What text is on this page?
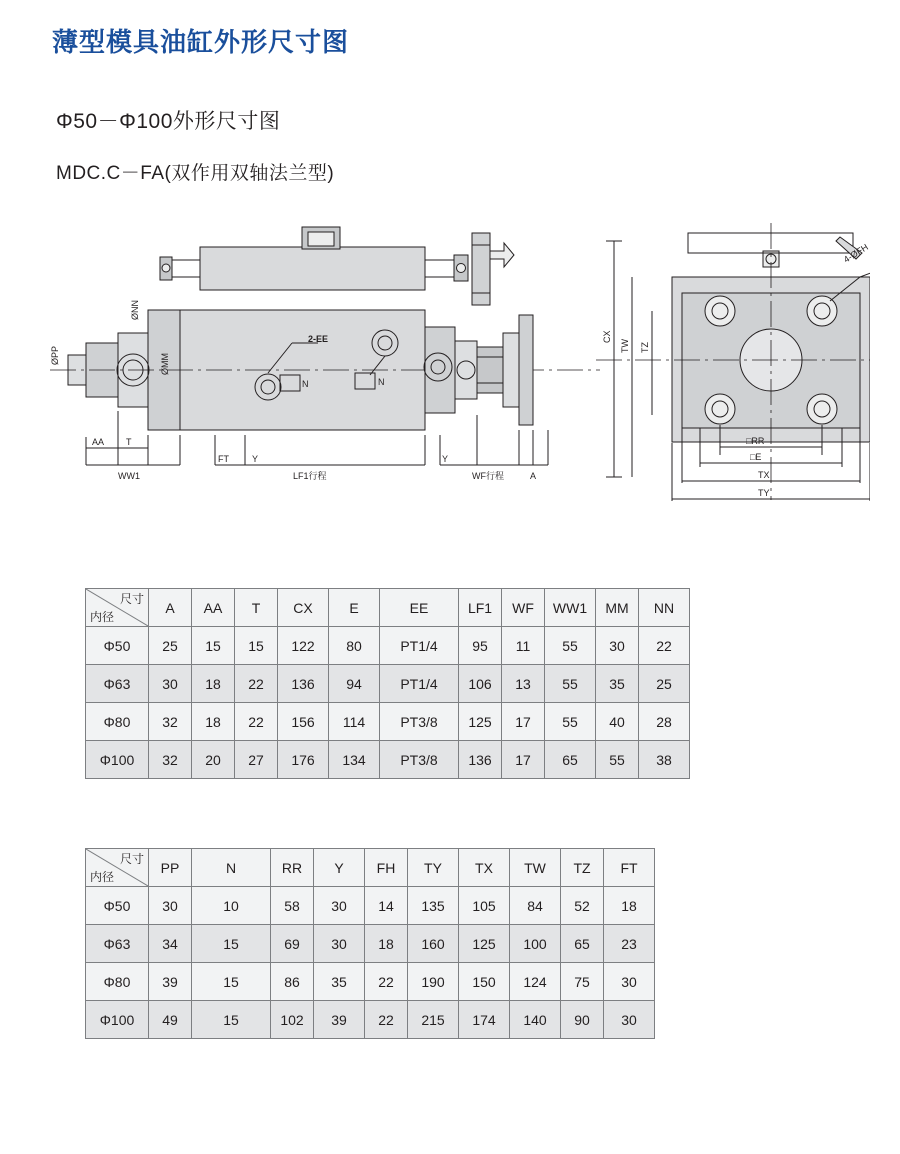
薄型模具油缸外形尺寸图
Φ50－Φ100外形尺寸图
MDC.C－FA(双作用双轴法兰型)
ØNN
ØPP	ØMM
2-EE
N	N
AA T
FT	Y	Y
WW1	LF1行程	WF行程	A
CX
TW TZ
□RR
□E
TX
TY
4-ØFH
尺寸
内径	A	AA	T	CX	E	EE	LF1	WF	WW1	MM	NN
Φ50	25	15	15	122	80	PT1/4	95	11	55	30	22
Φ63	30	18	22	136	94	PT1/4	106	13	55	35	25
Φ80	32	18	22	156	114	PT3/8	125	17	55	40	28
Φ100	32	20	27	176	134	PT3/8	136	17	65	55	38
尺寸
内径	PP	N	RR	Y	FH	TY	TX	TW	TZ	FT
Φ50	30	10	58	30	14	135	105	84	52	18
Φ63	34	15	69	30	18	160	125	100	65	23
Φ80	39	15	86	35	22	190	150	124	75	30
Φ100	49	15	102	39	22	215	174	140	90	30
